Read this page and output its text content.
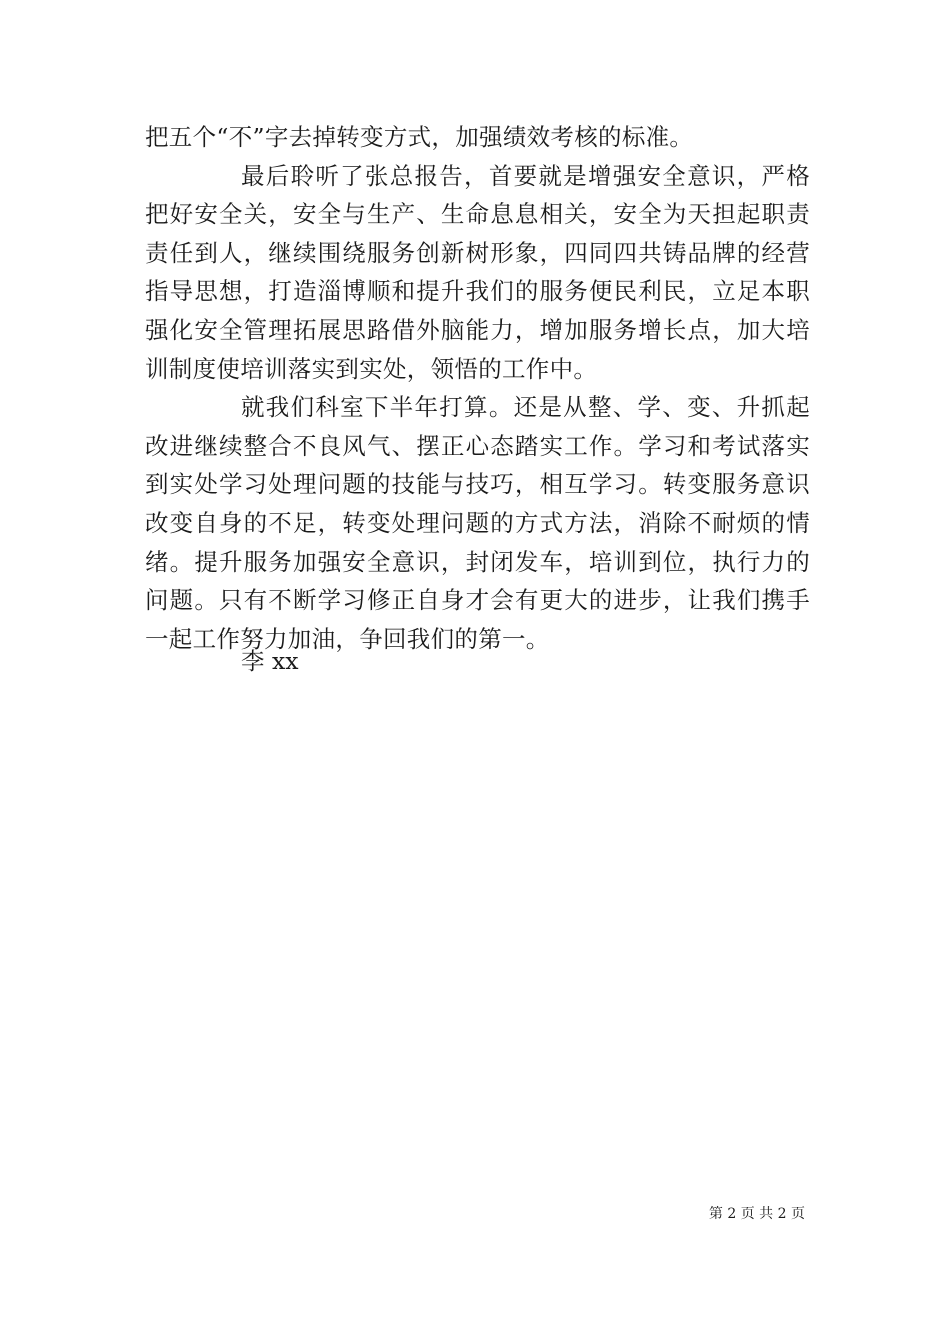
把五个“不”字去掉转变方式，加强绩效考核的标准。

最后聆听了张总报告，首要就是增强安全意识，严格把好安全关，安全与生产、生命息息相关，安全为天担起职责责任到人，继续围绕服务创新树形象，四同四共铸品牌的经营指导思想，打造淄博顺和提升我们的服务便民利民，立足本职强化安全管理拓展思路借外脑能力，增加服务增长点，加大培训制度使培训落实到实处，领悟的工作中。

就我们科室下半年打算。还是从整、学、变、升抓起改进继续整合不良风气、摆正心态踏实工作。学习和考试落实到实处学习处理问题的技能与技巧，相互学习。转变服务意识改变自身的不足，转变处理问题的方式方法，消除不耐烦的情绪。提升服务加强安全意识，封闭发车，培训到位，执行力的问题。只有不断学习修正自身才会有更大的进步，让我们携手一起工作努力加油，争回我们的第一。

李 xx

第 2 页 共 2 页
